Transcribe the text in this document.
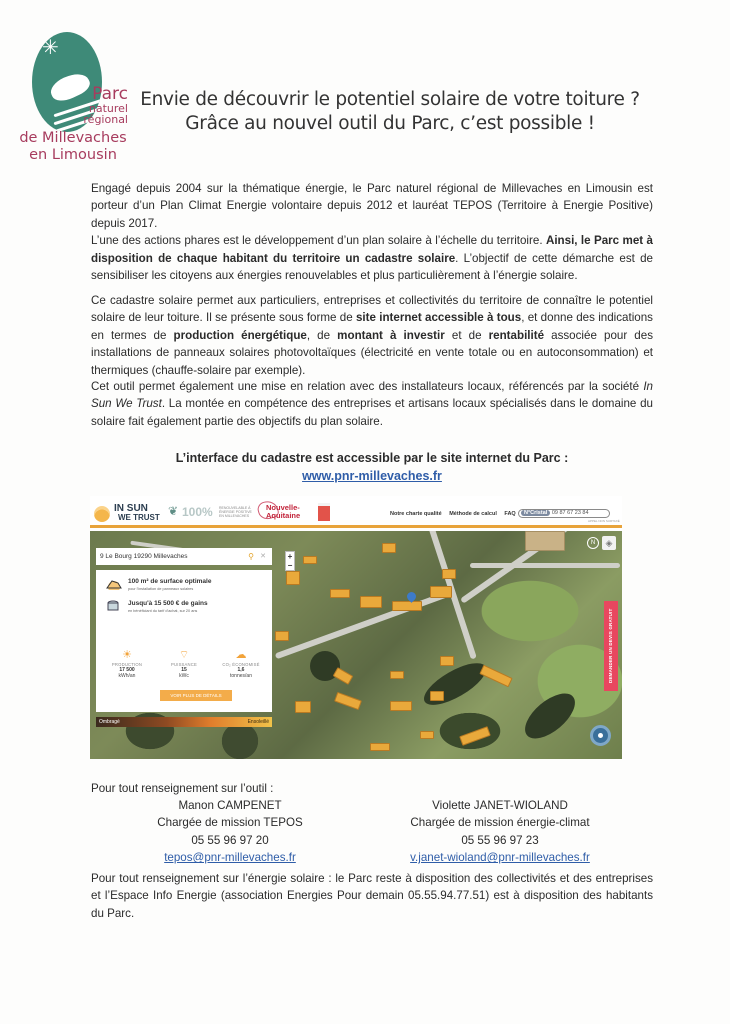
✳
Parc
naturel
régional
de Millevaches
en Limousin
Envie de découvrir le potentiel solaire de votre toiture ?
Grâce au nouvel outil du Parc, c’est possible !
Engagé depuis 2004 sur la thématique énergie, le Parc naturel régional de Millevaches en Limousin est porteur d’un Plan Climat Energie volontaire depuis 2012 et lauréat TEPOS (Territoire à Energie Positive) depuis 2017.
L’une des actions phares est le développement d’un plan solaire à l’échelle du territoire. Ainsi, le Parc met à disposition de chaque habitant du territoire un cadastre solaire. L’objectif de cette démarche est de sensibiliser les citoyens aux énergies renouvelables et plus particulièrement à l’énergie solaire.
Ce cadastre solaire permet aux particuliers, entreprises et collectivités du territoire de connaître le potentiel solaire de leur toiture. Il se présente sous forme de site internet accessible à tous, et donne des indications en termes de production énergétique, de montant à investir et de rentabilité associée pour des installations de panneaux solaires photovoltaïques (électricité en vente totale ou en autoconsommation) et thermiques (chauffe-solaire par exemple).
Cet outil permet également une mise en relation avec des installateurs locaux, référencés par la société In Sun We Trust. La montée en compétence des entreprises et artisans locaux spécialisés dans le domaine du solaire fait également partie des objectifs du plan solaire.
L’interface du cadastre est accessible par le site internet du Parc :
www.pnr-millevaches.fr
IN SUN
WE TRUST ❦ 100% RENOUVELABLE À ÉNERGIE POSITIVE EN MILLEVACHES
Nouvelle-
Aquitaine	Notre charte qualité Méthode de calcul FAQ	N°Cristal 09 87 67 23 84
APPEL NON SURTAXÉ
+
−
N	◈
DEMANDER UN DEVIS GRATUIT
9 Le Bourg 19290 Millevaches	⚲ ✕
100 m² de surface optimale
pour l'installation de panneaux solaires
Jusqu'à 15 500 € de gains
en bénéficiant du tarif d'achat, sur 20 ans
☀
PRODUCTION
17 500
kWh/an
⌔
PUISSANCE
15
kWc
☁
CO₂ ÉCONOMISÉ
1,6
tonnes/an
VOIR PLUS DE DÉTAILS
Ombragé	Ensoleillé
Pour tout renseignement sur l’outil :
Manon CAMPENET
Chargée de mission TEPOS
05 55 96 97 20
tepos@pnr-millevaches.fr
Violette JANET-WIOLAND
Chargée de mission énergie-climat
05 55 96 97 23
v.janet-wioland@pnr-millevaches.fr
Pour tout renseignement sur l’énergie solaire : le Parc reste à disposition des collectivités et des entreprises et l’Espace Info Energie (association Energies Pour demain 05.55.94.77.51) est à disposition des habitants du Parc.
